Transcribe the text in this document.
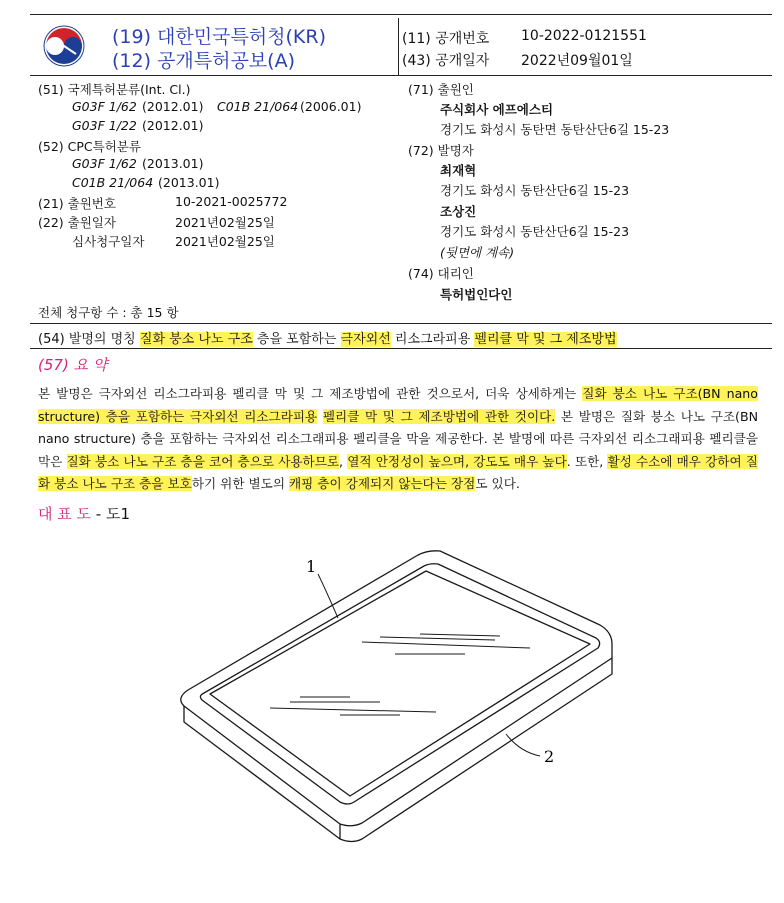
(19) 대한민국특허청(KR)
(12) 공개특허공보(A)
(11) 공개번호 10-2022-0121551
(43) 공개일자 2022년09월01일
(51) 국제특허분류(Int. Cl.)
G03F 1/62 (2012.01) C01B 21/064 (2006.01)
G03F 1/22 (2012.01)
(52) CPC특허분류
G03F 1/62 (2013.01)
C01B 21/064 (2013.01)
(21) 출원번호	10-2021-0025772
(22) 출원일자	2021년02월25일
심사청구일자 2021년02월25일
전체 청구항 수 : 총 15 항
(71) 출원인
주식회사 에프에스티
경기도 화성시 동탄면 동탄산단6길 15-23
(72) 발명자
최재혁
경기도 화성시 동탄산단6길 15-23
조상진
경기도 화성시 동탄산단6길 15-23
(뒷면에 계속)
(74) 대리인
특허법인다인
(54) 발명의 명칭 질화 붕소 나노 구조 층을 포함하는 극자외선 리소그라피용 펠리클 막 및 그 제조방법
(57) 요 약

본 발명은 극자외선 리소그라피용 펠리클 막 및 그 제조방법에 관한 것으로서, 더욱 상세하게는 질화 붕소 나노 구조(BN nano structure) 층을 포함하는 극자외선 리소그라피용 펠리클 막 및 그 제조방법에 관한 것이다. 본 발명은 질화 붕소 나노 구조(BN nano structure) 층을 포함하는 극자외선 리소그래피용 펠리클을 막을 제공한다. 본 발명에 따른 극자외선 리소그래피용 펠리클을 막은 질화 붕소 나노 구조 층을 코어 층으로 사용하므로, 열적 안정성이 높으며, 강도도 매우 높다. 또한, 활성 수소에 매우 강하여 질화 붕소 나노 구조 층을 보호하기 위한 별도의 캐핑 층이 강제되지 않는다는 장점도 있다.

대 표 도 - 도1
1
2
